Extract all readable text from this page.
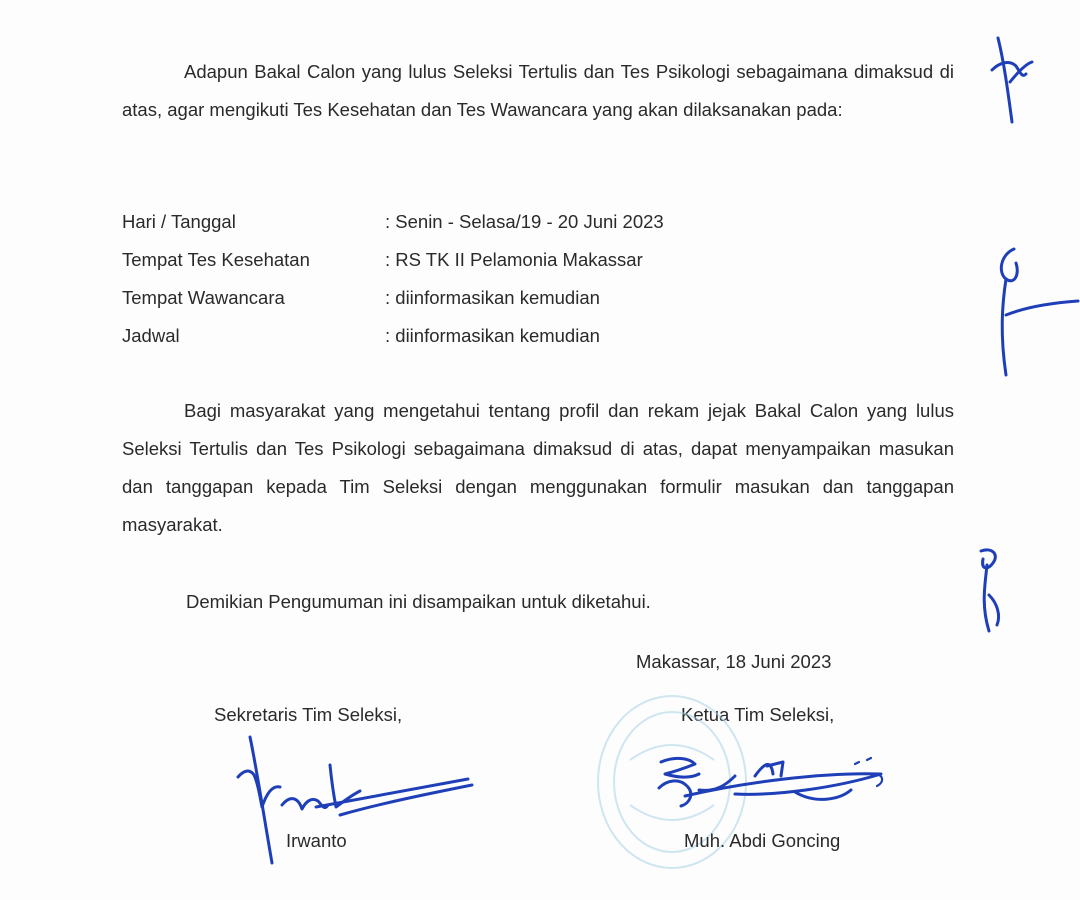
Adapun Bakal Calon yang lulus Seleksi Tertulis dan Tes Psikologi sebagaimana dimaksud di atas, agar mengikuti Tes Kesehatan dan Tes Wawancara yang akan dilaksanakan pada:
Hari / Tanggal	: Senin - Selasa/19 - 20 Juni 2023
Tempat Tes Kesehatan	: RS TK II Pelamonia Makassar
Tempat Wawancara	: diinformasikan kemudian
Jadwal	: diinformasikan kemudian
Bagi masyarakat yang mengetahui tentang profil dan rekam jejak Bakal Calon yang lulus Seleksi Tertulis dan Tes Psikologi sebagaimana dimaksud di atas, dapat menyampaikan masukan dan tanggapan kepada Tim Seleksi dengan menggunakan formulir masukan dan tanggapan masyarakat.
Demikian Pengumuman ini disampaikan untuk diketahui.
Makassar, 18 Juni 2023
Sekretaris Tim Seleksi,	Ketua Tim Seleksi,
Irwanto	Muh. Abdi Goncing
